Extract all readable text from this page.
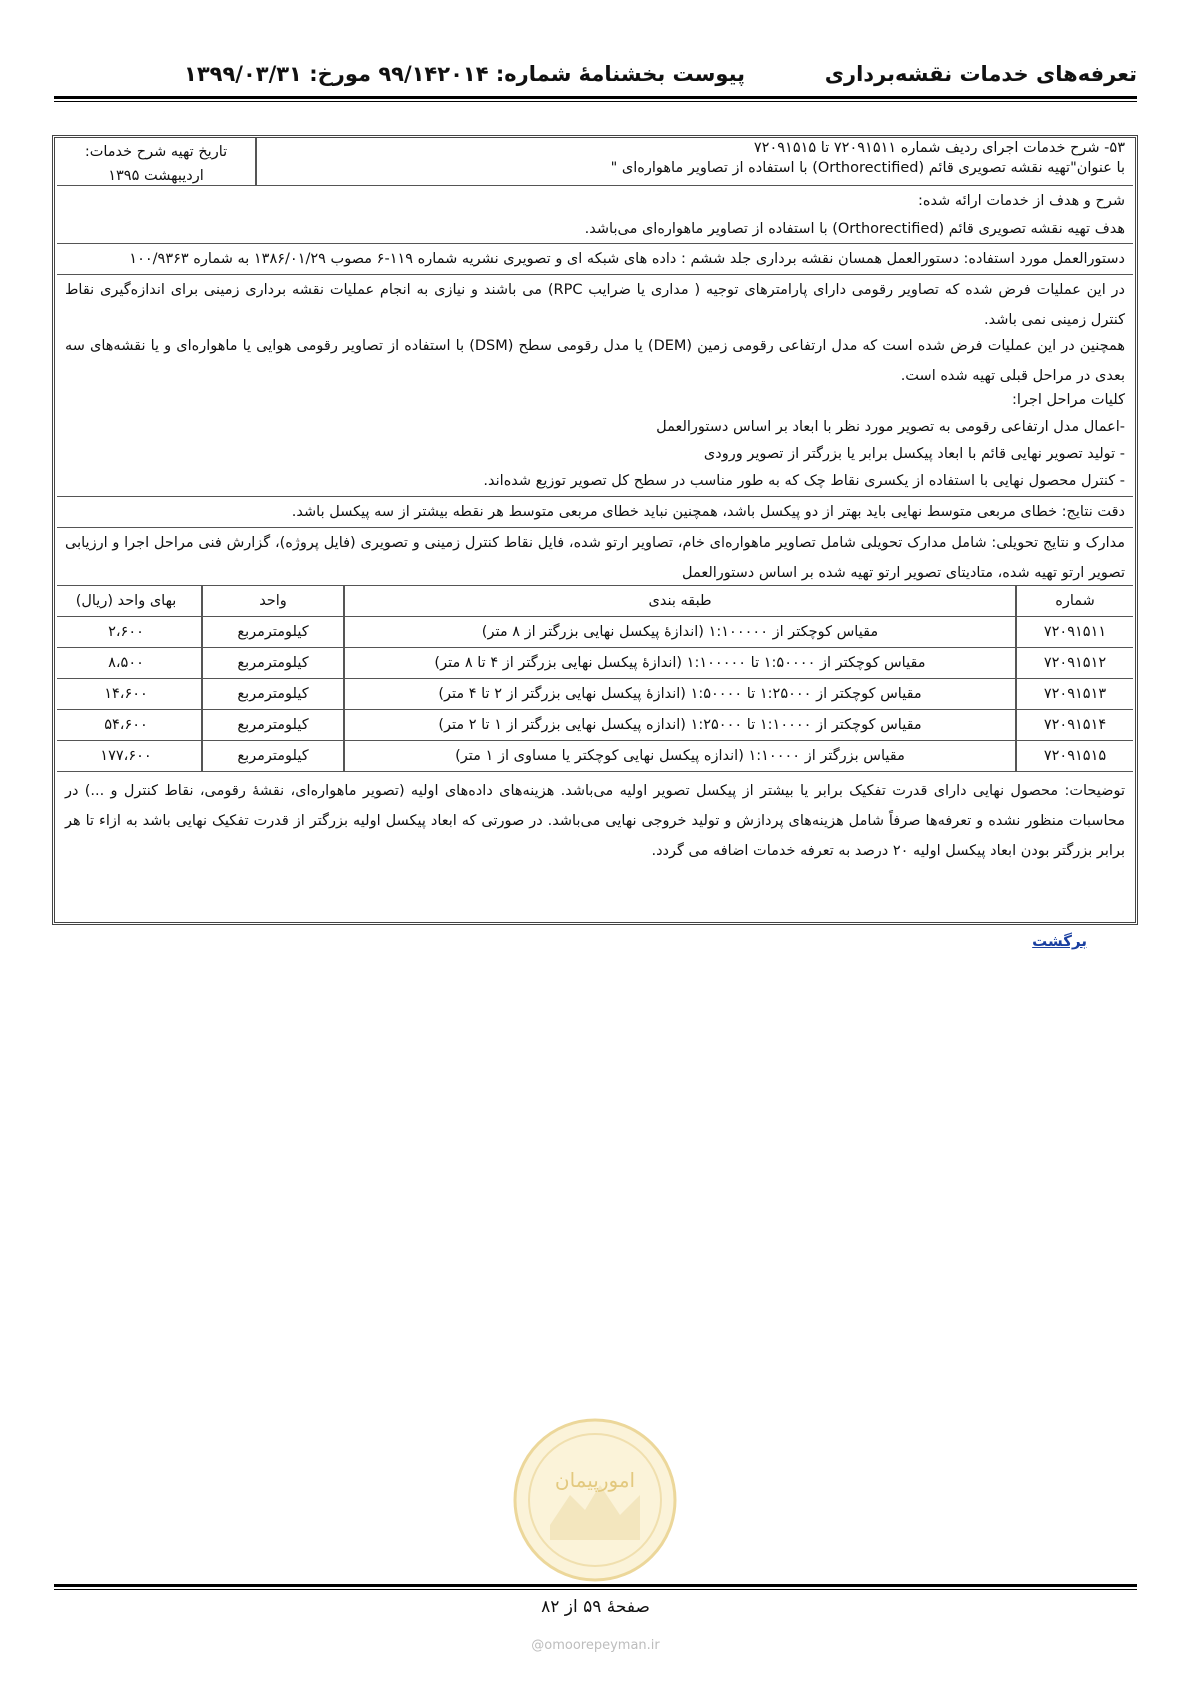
تعرفه‌های خدمات نقشه‌برداری
پیوست بخشنامۀ شماره: ۹۹/۱۴۲۰۱۴ مورخ: ۱۳۹۹/۰۳/۳۱
۵۳- شرح خدمات اجرای ردیف شماره ۷۲۰۹۱۵۱۱ تا ۷۲۰۹۱۵۱۵
با عنوان"تهیه نقشه تصویری قائم (Orthorectified) با استفاده از تصاویر ماهواره‌ای "
تاریخ تهیه شرح خدمات:
اردیبهشت ۱۳۹۵
شرح و هدف از خدمات ارائه شده:
هدف تهیه نقشه تصویری قائم (Orthorectified) با استفاده از تصاویر ماهواره‌ای می‌باشد.
دستورالعمل مورد استفاده: دستورالعمل همسان نقشه برداری جلد ششم : داده های شبکه ای و تصویری نشریه شماره ۱۱۹-۶ مصوب ۱۳۸۶/۰۱/۲۹ به شماره ۱۰۰/۹۳۶۳
در این عملیات فرض شده که تصاویر رقومی دارای پارامترهای توجیه ( مداری یا ضرایب RPC) می باشند و نیازی به انجام عملیات نقشه برداری زمینی برای اندازه‌گیری نقاط کنترل زمینی نمی باشد.
همچنین در این عملیات فرض شده است که مدل ارتفاعی رقومی زمین (DEM) یا مدل رقومی سطح (DSM) با استفاده از تصاویر رقومی هوایی یا ماهواره‌ای و یا نقشه‌های سه بعدی در مراحل قبلی تهیه شده است.
کلیات مراحل اجرا:
-اعمال مدل ارتفاعی رقومی به تصویر مورد نظر با ابعاد بر اساس دستورالعمل
- تولید تصویر نهایی قائم با ابعاد پیکسل برابر یا بزرگتر از تصویر ورودی
- کنترل محصول نهایی با استفاده از یکسری نقاط چک که به طور مناسب در سطح کل تصویر توزیع شده‌اند.
دقت نتایج: خطای مربعی متوسط نهایی باید بهتر از دو پیکسل باشد، همچنین نباید خطای مربعی متوسط هر نقطه بیشتر از سه پیکسل باشد.
مدارک و نتایج تحویلی: شامل مدارک تحویلی شامل تصاویر ماهواره‌ای خام، تصاویر ارتو شده، فایل نقاط کنترل زمینی و تصویری (فایل پروژه)، گزارش فنی مراحل اجرا و ارزیابی تصویر ارتو تهیه شده، متادیتای تصویر ارتو تهیه شده بر اساس دستورالعمل
شماره
طبقه بندی
واحد
بهای واحد (ریال)
۷۲۰۹۱۵۱۱
مقیاس کوچکتر از ۱:۱۰۰۰۰۰ (اندازۀ پیکسل نهایی بزرگتر از ۸ متر)
کیلومترمربع
۲،۶۰۰
۷۲۰۹۱۵۱۲
مقیاس کوچکتر از ۱:۵۰۰۰۰ تا ۱:۱۰۰۰۰۰ (اندازۀ پیکسل نهایی بزرگتر از ۴ تا ۸ متر)
کیلومترمربع
۸،۵۰۰
۷۲۰۹۱۵۱۳
مقیاس کوچکتر از ۱:۲۵۰۰۰ تا ۱:۵۰۰۰۰ (اندازۀ پیکسل نهایی بزرگتر از ۲ تا ۴ متر)
کیلومترمربع
۱۴،۶۰۰
۷۲۰۹۱۵۱۴
مقیاس کوچکتر از ۱:۱۰۰۰۰ تا ۱:۲۵۰۰۰ (اندازه پیکسل نهایی بزرگتر از ۱ تا ۲ متر)
کیلومترمربع
۵۴،۶۰۰
۷۲۰۹۱۵۱۵
مقیاس بزرگتر از ۱:۱۰۰۰۰ (اندازه پیکسل نهایی کوچکتر یا مساوی از ۱ متر)
کیلومترمربع
۱۷۷،۶۰۰
توضیحات: محصول نهایی دارای قدرت تفکیک برابر یا بیشتر از پیکسل تصویر اولیه می‌باشد. هزینه‌های داده‌های اولیه (تصویر ماهواره‌ای، نقشۀ رقومی، نقاط کنترل و ...) در محاسبات منظور نشده و تعرفه‌ها صرفاً شامل هزینه‌های پردازش و تولید خروجی نهایی می‌باشد. در صورتی که ابعاد پیکسل اولیه بزرگتر از قدرت تفکیک نهایی باشد به ازاء تا هر برابر بزرگتر بودن ابعاد پیکسل اولیه ۲۰ درصد به تعرفه خدمات اضافه می گردد.
برگشت
امورپیمان
صفحۀ ۵۹ از ۸۲
@omoorepeyman.ir
